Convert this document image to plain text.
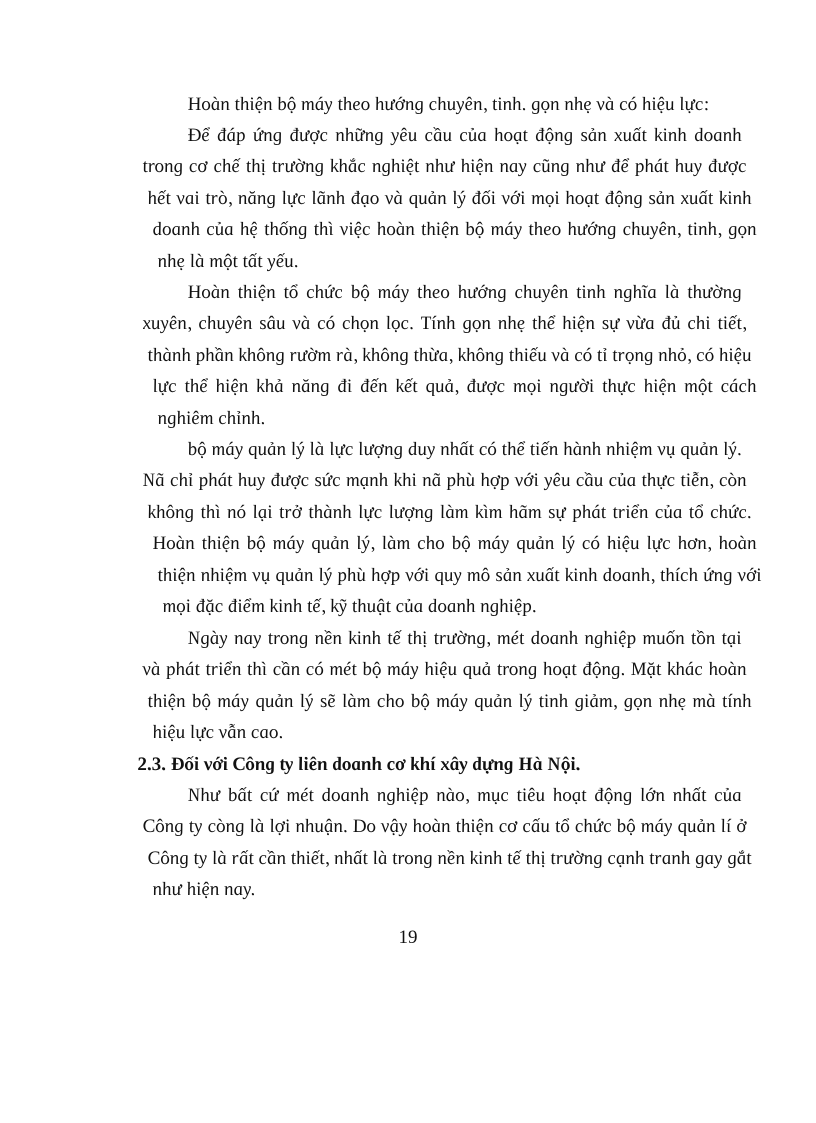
Hoàn thiện bộ máy theo hướng chuyên, tinh. gọn nhẹ và có hiệu lực:

Để đáp ứng được những yêu cầu của hoạt động sản xuất kinh doanh trong cơ chế thị trường khắc nghiệt như hiện nay cũng như để phát huy được hết vai trò, năng lực lãnh đạo và quản lý đối với mọi hoạt động sản xuất kinh doanh của hệ thống thì việc hoàn thiện bộ máy theo hướng chuyên, tinh, gọn nhẹ là một tất yếu.

Hoàn thiện tổ chức bộ máy theo hướng chuyên tinh nghĩa là thường xuyên, chuyên sâu và có chọn lọc. Tính gọn nhẹ thể hiện sự vừa đủ chi tiết, thành phần không rườm rà, không thừa, không thiếu và có tỉ trọng nhỏ, có hiệu lực thể hiện khả năng đi đến kết quả, được mọi người thực hiện một cách nghiêm chỉnh.

bộ máy quản lý là lực lượng duy nhất có thể tiến hành nhiệm vụ quản lý. Nã chỉ phát huy được sức mạnh khi nã phù hợp với yêu cầu của thực tiễn, còn không thì nó lại trở thành lực lượng làm kìm hãm sự phát triển của tổ chức. Hoàn thiện bộ máy quản lý, làm cho bộ máy quản lý có hiệu lực hơn, hoàn thiện nhiệm vụ quản lý phù hợp với quy mô sản xuất kinh doanh, thích ứng với mọi đặc điểm kinh tế, kỹ thuật của doanh nghiệp.

Ngày nay trong nền kinh tế thị trường, mét doanh nghiệp muốn tồn tại và phát triển thì cần có mét bộ máy hiệu quả trong hoạt động. Mặt khác hoàn thiện bộ máy quản lý sẽ làm cho bộ máy quản lý tinh giảm, gọn nhẹ mà tính hiệu lực vẫn cao.

2.3. Đối với Công ty liên doanh cơ khí xây dựng Hà Nội.

Như bất cứ mét doanh nghiệp nào, mục tiêu hoạt động lớn nhất của Công ty còng là lợi nhuận. Do vậy hoàn thiện cơ cấu tổ chức bộ máy quản lí ở Công ty là rất cần thiết, nhất là trong nền kinh tế thị trường cạnh tranh gay gắt như hiện nay.

19
